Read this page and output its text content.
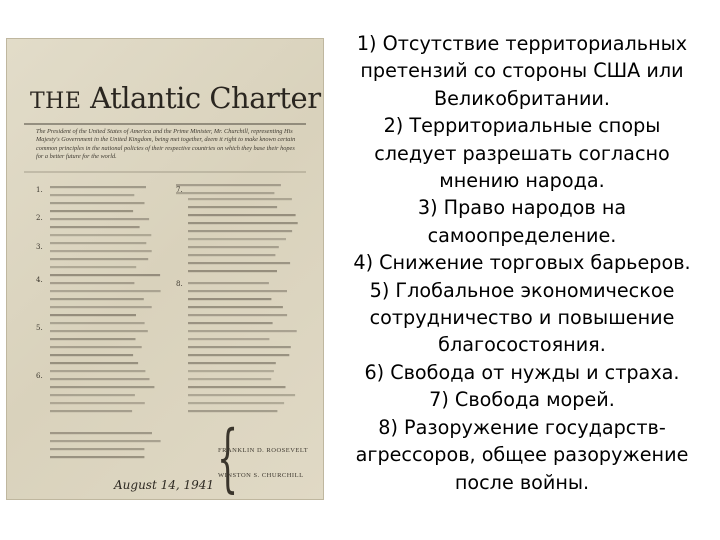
1.
2.
3.
4.
5.
6.
7.
8.
THE Atlantic Charter
The President of the United States of America and the Prime Minister, Mr. Churchill, representing His Majesty's Government in the United Kingdom, being met together, deem it right to make known certain common principles in the national policies of their respective countries on which they base their hopes for a better future for the world.
{
FRANKLIN D. ROOSEVELT
WINSTON S. CHURCHILL
August 14, 1941
1) Отсутствие территориальных
претензий со стороны США или
Великобритании.
2) Территориальные споры
следует разрешать согласно
мнению народа.
3) Право народов на
самоопределение.
4) Снижение торговых барьеров.
5) Глобальное экономическое
сотрудничество и повышение
благосостояния.
6) Свобода от нужды и страха.
7) Свобода морей.
8) Разоружение государств-
агрессоров, общее разоружение
после войны.
